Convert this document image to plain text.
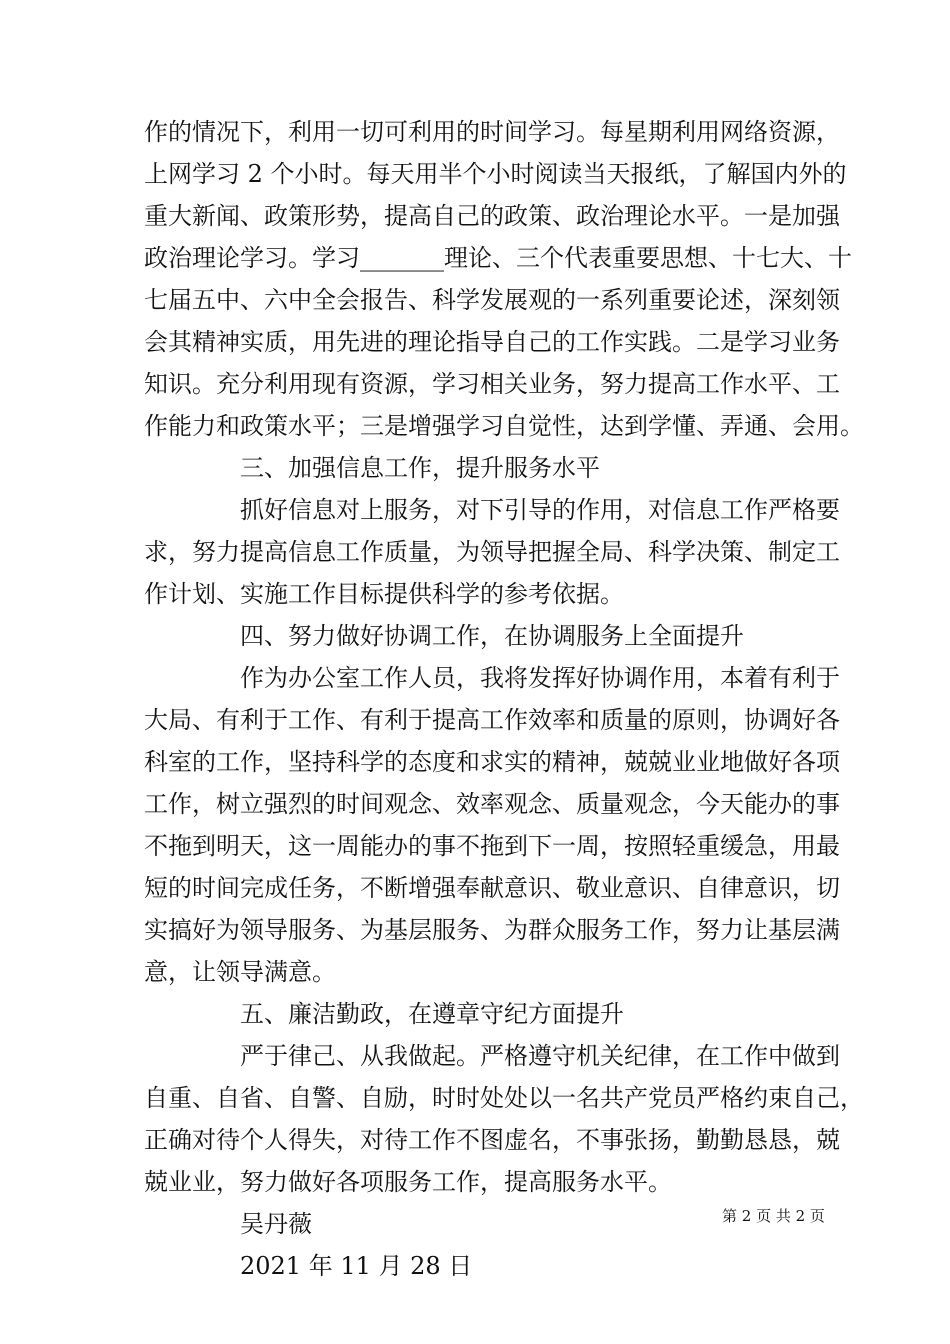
作的情况下，利用一切可利用的时间学习。每星期利用网络资源，
上网学习 2 个小时。每天用半个小时阅读当天报纸，了解国内外的
重大新闻、政策形势，提高自己的政策、政治理论水平。一是加强
政治理论学习。学习_______理论、三个代表重要思想、十七大、十
七届五中、六中全会报告、科学发展观的一系列重要论述，深刻领
会其精神实质，用先进的理论指导自己的工作实践。二是学习业务
知识。充分利用现有资源，学习相关业务，努力提高工作水平、工
作能力和政策水平；三是增强学习自觉性，达到学懂、弄通、会用。
三、加强信息工作，提升服务水平
抓好信息对上服务，对下引导的作用，对信息工作严格要
求，努力提高信息工作质量，为领导把握全局、科学决策、制定工
作计划、实施工作目标提供科学的参考依据。
四、努力做好协调工作，在协调服务上全面提升
作为办公室工作人员，我将发挥好协调作用，本着有利于
大局、有利于工作、有利于提高工作效率和质量的原则，协调好各
科室的工作，坚持科学的态度和求实的精神，兢兢业业地做好各项
工作，树立强烈的时间观念、效率观念、质量观念，今天能办的事
不拖到明天，这一周能办的事不拖到下一周，按照轻重缓急，用最
短的时间完成任务，不断增强奉献意识、敬业意识、自律意识，切
实搞好为领导服务、为基层服务、为群众服务工作，努力让基层满
意，让领导满意。
五、廉洁勤政，在遵章守纪方面提升
严于律己、从我做起。严格遵守机关纪律，在工作中做到
自重、自省、自警、自励，时时处处以一名共产党员严格约束自己，
正确对待个人得失，对待工作不图虚名，不事张扬，勤勤恳恳，兢
兢业业，努力做好各项服务工作，提高服务水平。
吴丹薇
2021 年 11 月 28 日
第 2 页 共 2 页
